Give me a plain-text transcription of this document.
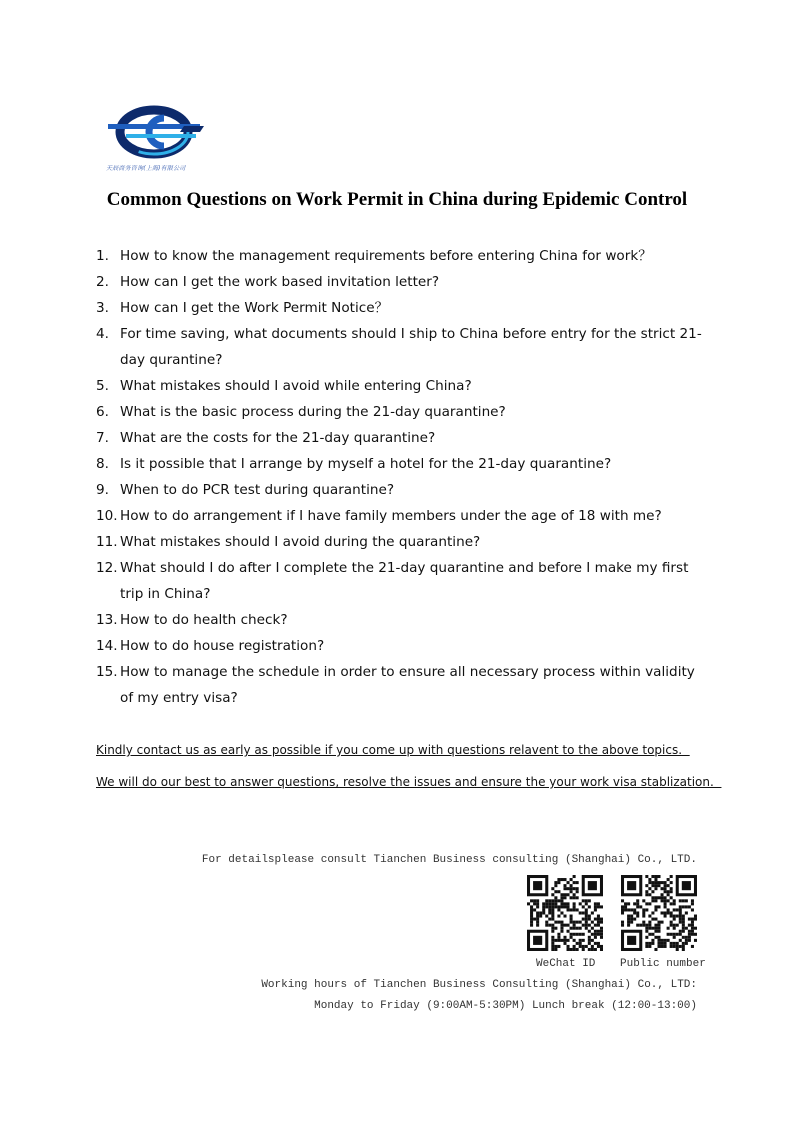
天辰商务咨询(上海)有限公司
Common Questions on Work Permit in China during Epidemic Control
1. How to know the management requirements before entering China for work？
2. How can I get the work based invitation letter?
3. How can I get the Work Permit Notice？
4. For time saving, what documents should I ship to China before entry for the strict 21-day qurantine?
5. What mistakes should I avoid while entering China?
6. What is the basic process during the 21-day quarantine?
7. What are the costs for the 21-day quarantine?
8. Is it possible that I arrange by myself a hotel for the 21-day quarantine?
9. When to do PCR test during quarantine?
10. How to do arrangement if I have family members under the age of 18 with me?
11. What mistakes should I avoid during the quarantine?
12. What should I do after I complete the 21-day quarantine and before I make my first trip in China?
13. How to do health check?
14. How to do house registration?
15. How to manage the schedule in order to ensure all necessary process within validity of my entry visa?
Kindly contact us as early as possible if you come up with questions relavent to the above topics.
We will do our best to answer questions, resolve the issues and ensure the your work visa stablization.
For detailsplease consult Tianchen Business consulting (Shanghai) Co., LTD.
WeChat ID Public number
Working hours of Tianchen Business Consulting (Shanghai) Co., LTD:
Monday to Friday (9:00AM-5:30PM) Lunch break (12:00-13:00)
